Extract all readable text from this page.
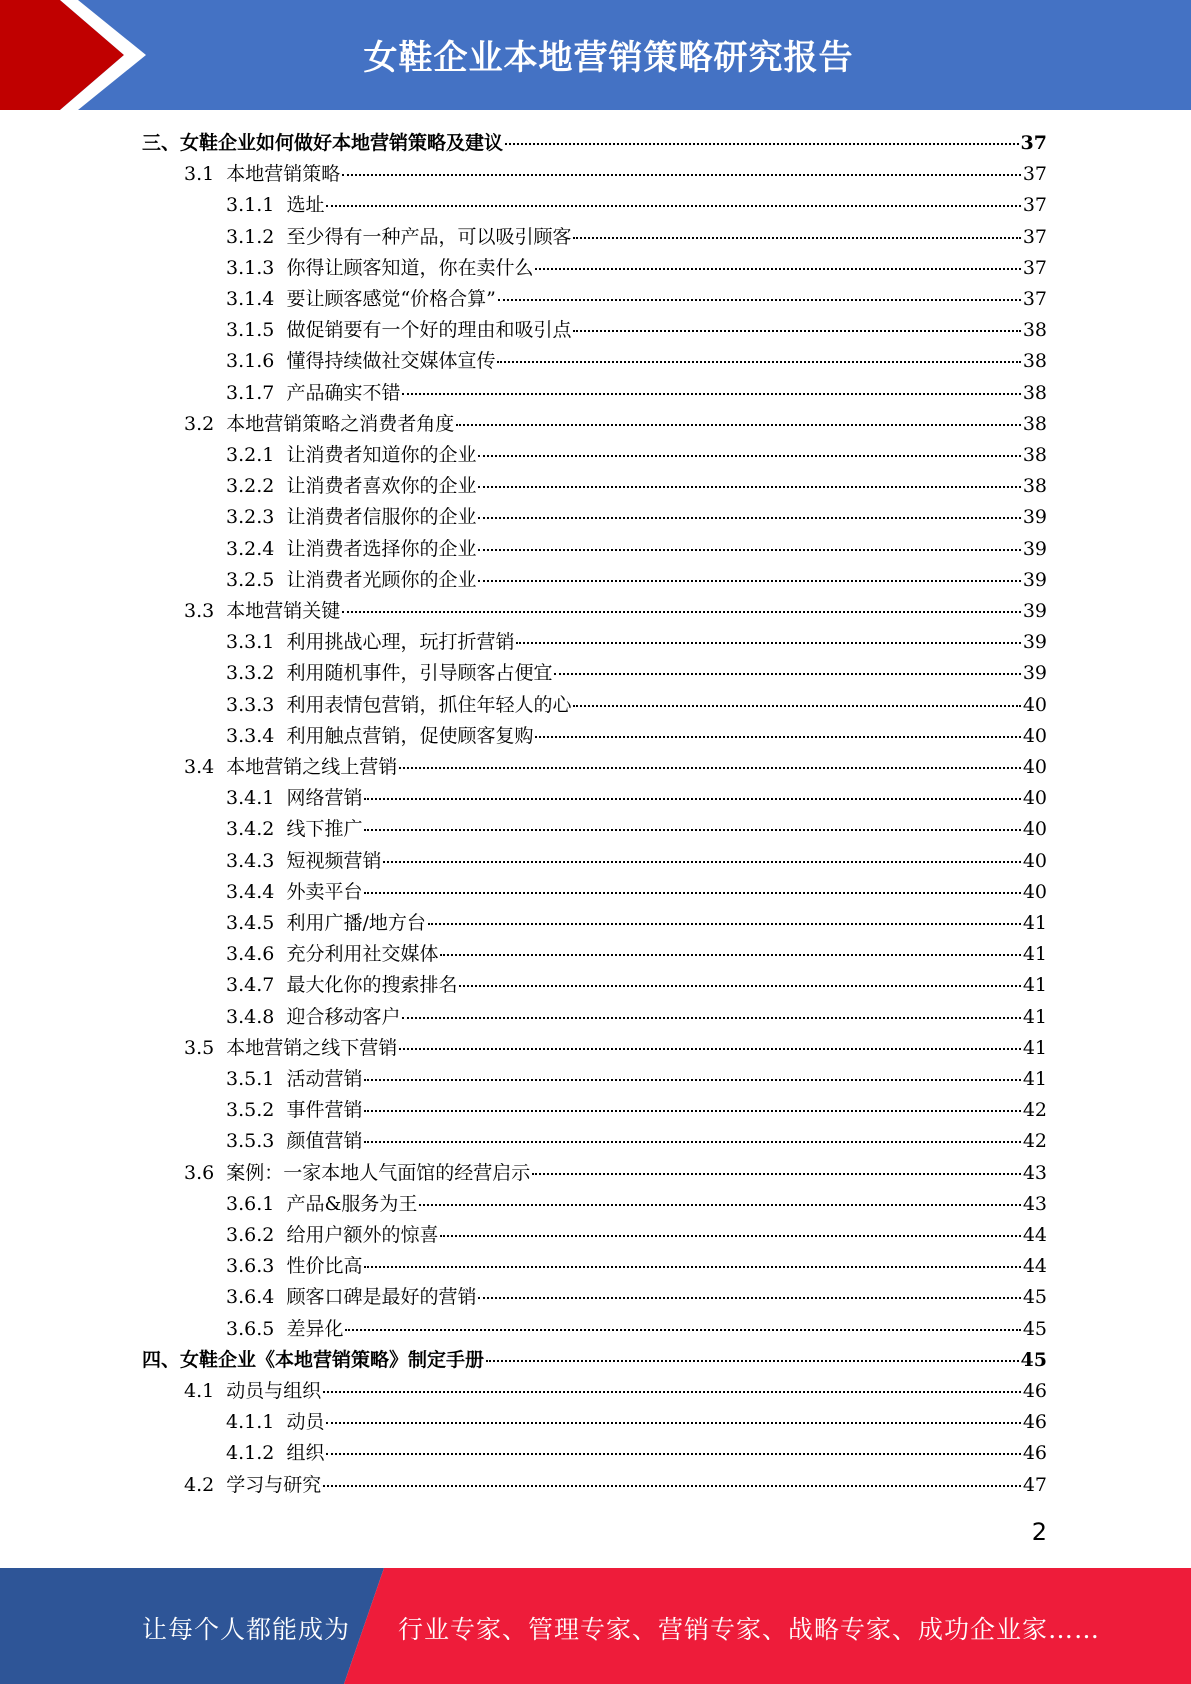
女鞋企业本地营销策略研究报告
三、 女鞋企业如何做好本地营销策略及建议	37
3.1 本地营销策略	37
3.1.1 选址	37
3.1.2 至少得有一种产品，可以吸引顾客	37
3.1.3 你得让顾客知道，你在卖什么	37
3.1.4 要让顾客感觉“价格合算”	37
3.1.5 做促销要有一个好的理由和吸引点	38
3.1.6 懂得持续做社交媒体宣传	38
3.1.7 产品确实不错	38
3.2 本地营销策略之消费者角度	38
3.2.1 让消费者知道你的企业	38
3.2.2 让消费者喜欢你的企业	38
3.2.3 让消费者信服你的企业	39
3.2.4 让消费者选择你的企业	39
3.2.5 让消费者光顾你的企业	39
3.3 本地营销关键	39
3.3.1 利用挑战心理，玩打折营销	39
3.3.2 利用随机事件，引导顾客占便宜	39
3.3.3 利用表情包营销，抓住年轻人的心	40
3.3.4 利用触点营销，促使顾客复购	40
3.4 本地营销之线上营销	40
3.4.1 网络营销	40
3.4.2 线下推广	40
3.4.3 短视频营销	40
3.4.4 外卖平台	40
3.4.5 利用广播/地方台	41
3.4.6 充分利用社交媒体	41
3.4.7 最大化你的搜索排名	41
3.4.8 迎合移动客户	41
3.5 本地营销之线下营销	41
3.5.1 活动营销	41
3.5.2 事件营销	42
3.5.3 颜值营销	42
3.6 案例：一家本地人气面馆的经营启示	43
3.6.1 产品&服务为王	43
3.6.2 给用户额外的惊喜	44
3.6.3 性价比高	44
3.6.4 顾客口碑是最好的营销	45
3.6.5 差异化	45
四、 女鞋企业《本地营销策略》制定手册	45
4.1 动员与组织	46
4.1.1 动员	46
4.1.2 组织	46
4.2 学习与研究	47
2
让每个人都能成为 行业专家、管理专家、营销专家、战略专家、成功企业家……
